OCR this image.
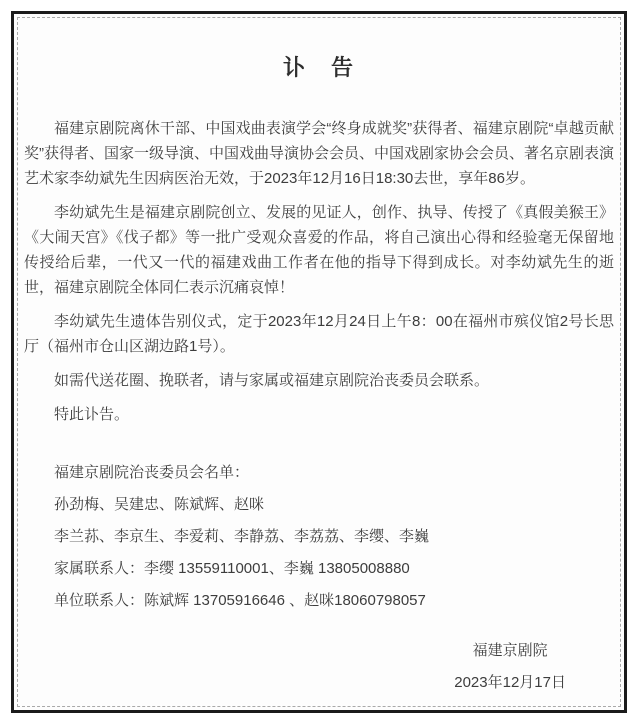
讣　告

福建京剧院离休干部、中国戏曲表演学会“终身成就奖”获得者、福建京剧院“卓越贡献奖”获得者、国家一级导演、中国戏曲导演协会会员、中国戏剧家协会会员、著名京剧表演艺术家李幼斌先生因病医治无效，于2023年12月16日18:30去世，享年86岁。

李幼斌先生是福建京剧院创立、发展的见证人，创作、执导、传授了《真假美猴王》《大闹天宫》《伐子都》等一批广受观众喜爱的作品，将自己演出心得和经验毫无保留地传授给后辈，一代又一代的福建戏曲工作者在他的指导下得到成长。对李幼斌先生的逝世，福建京剧院全体同仁表示沉痛哀悼！

李幼斌先生遗体告别仪式，定于2023年12月24日上午8：00在福州市殡仪馆2号长思厅（福州市仓山区湖边路1号）。

如需代送花圈、挽联者，请与家属或福建京剧院治丧委员会联系。

特此讣告。

福建京剧院治丧委员会名单：

孙劲梅、吴建忠、陈斌辉、赵咪

李兰荪、李京生、李爱莉、李静荔、李荔荔、李缨、李巍

家属联系人：李缨 13559110001、李巍 13805008880

单位联系人：陈斌辉 13705916646 、赵咪18060798057

福建京剧院
2023年12月17日
